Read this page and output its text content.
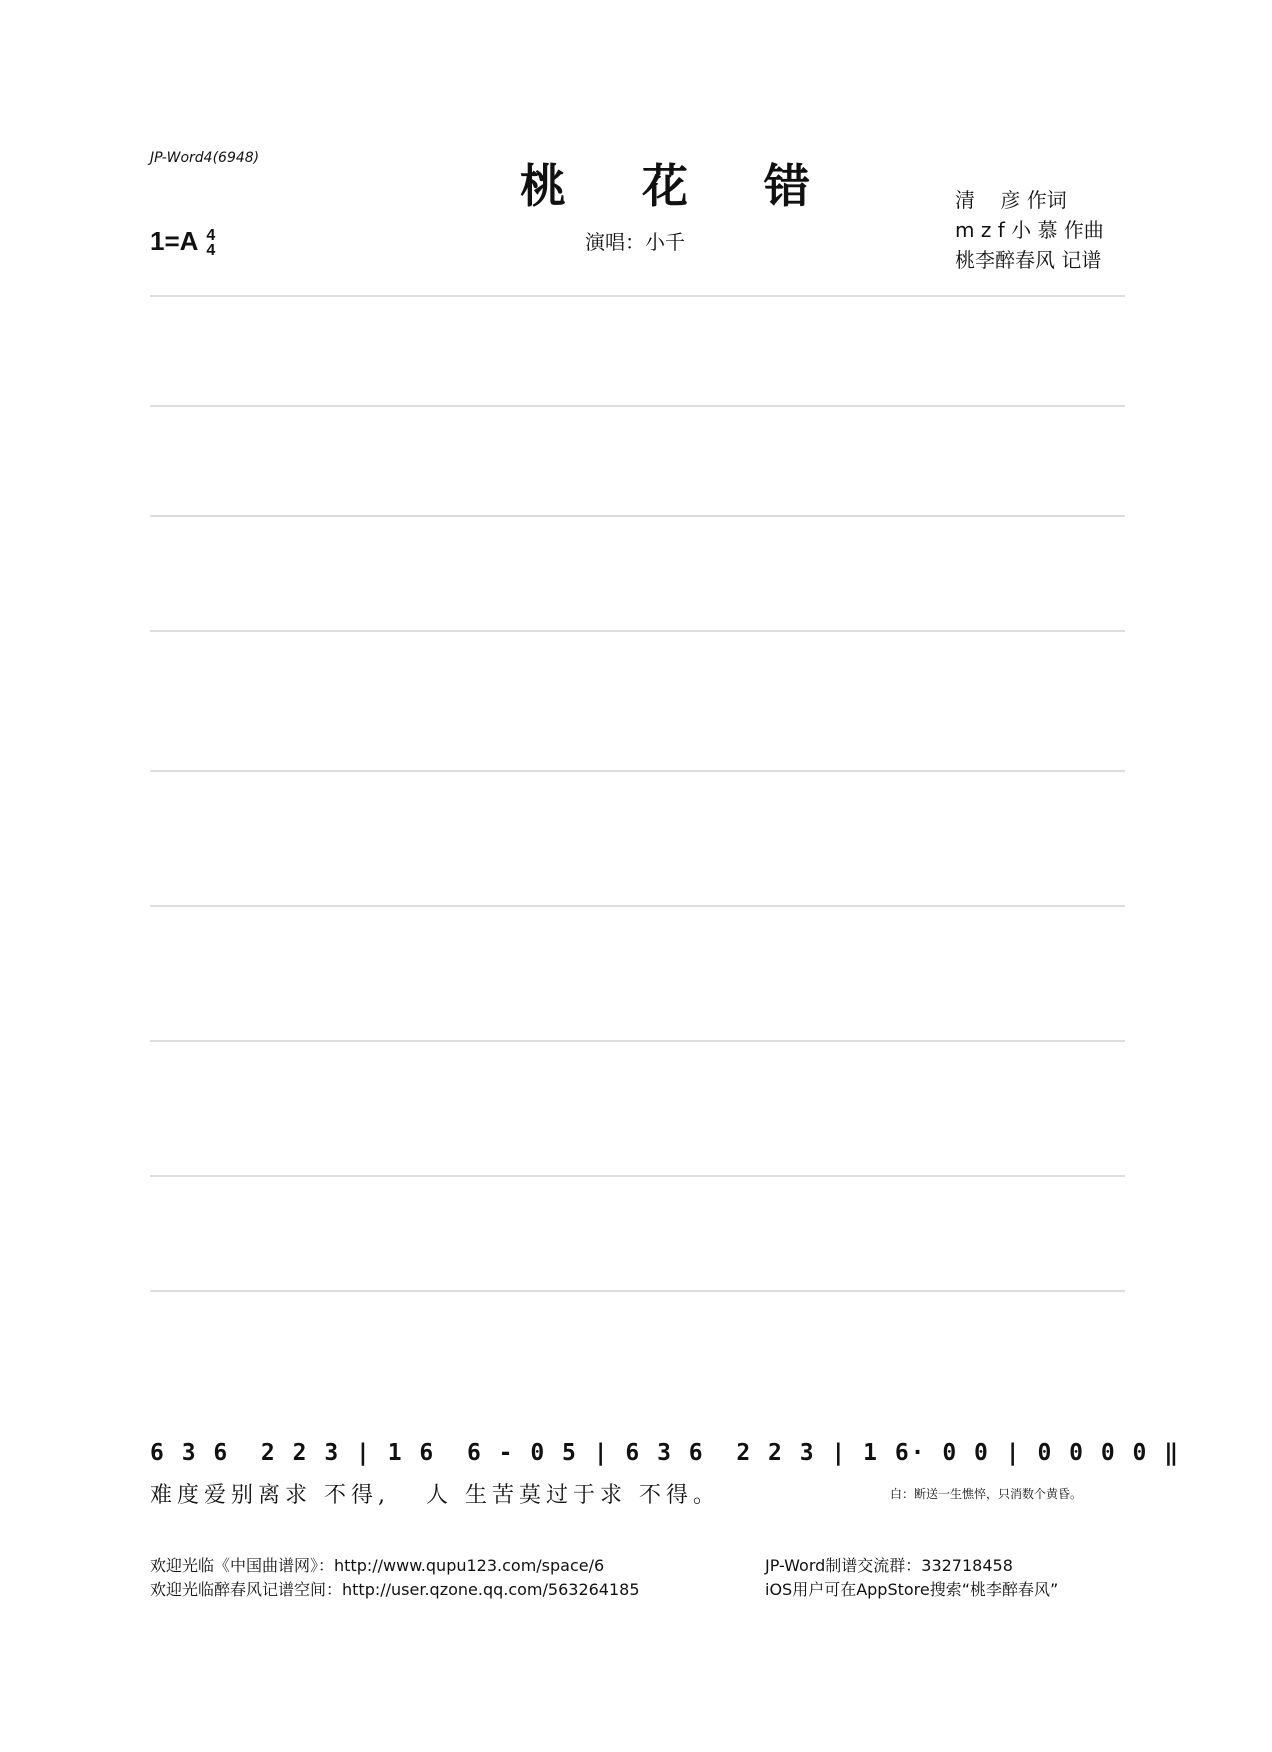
JP-Word4(6948)
桃 花 错
1=A 4
4	演唱：小千
清    彦 作词
m z f 小 慕 作曲
桃李醉春风 记谱
6 3 6  2 2 3 | 1 6  6 - 0 5 | 6 3 6  2 2 3 | 1 6· 0 0 | 0 0 0 0 ‖
难度爱别离求 不得,   人 生苦莫过于求 不得。	白：断送一生憔悴，只消数个黄昏。
欢迎光临《中国曲谱网》：http://www.qupu123.com/space/6
欢迎光临醉春风记谱空间：http://user.qzone.qq.com/563264185
JP-Word制谱交流群：332718458
iOS用户可在AppStore搜索“桃李醉春风”
